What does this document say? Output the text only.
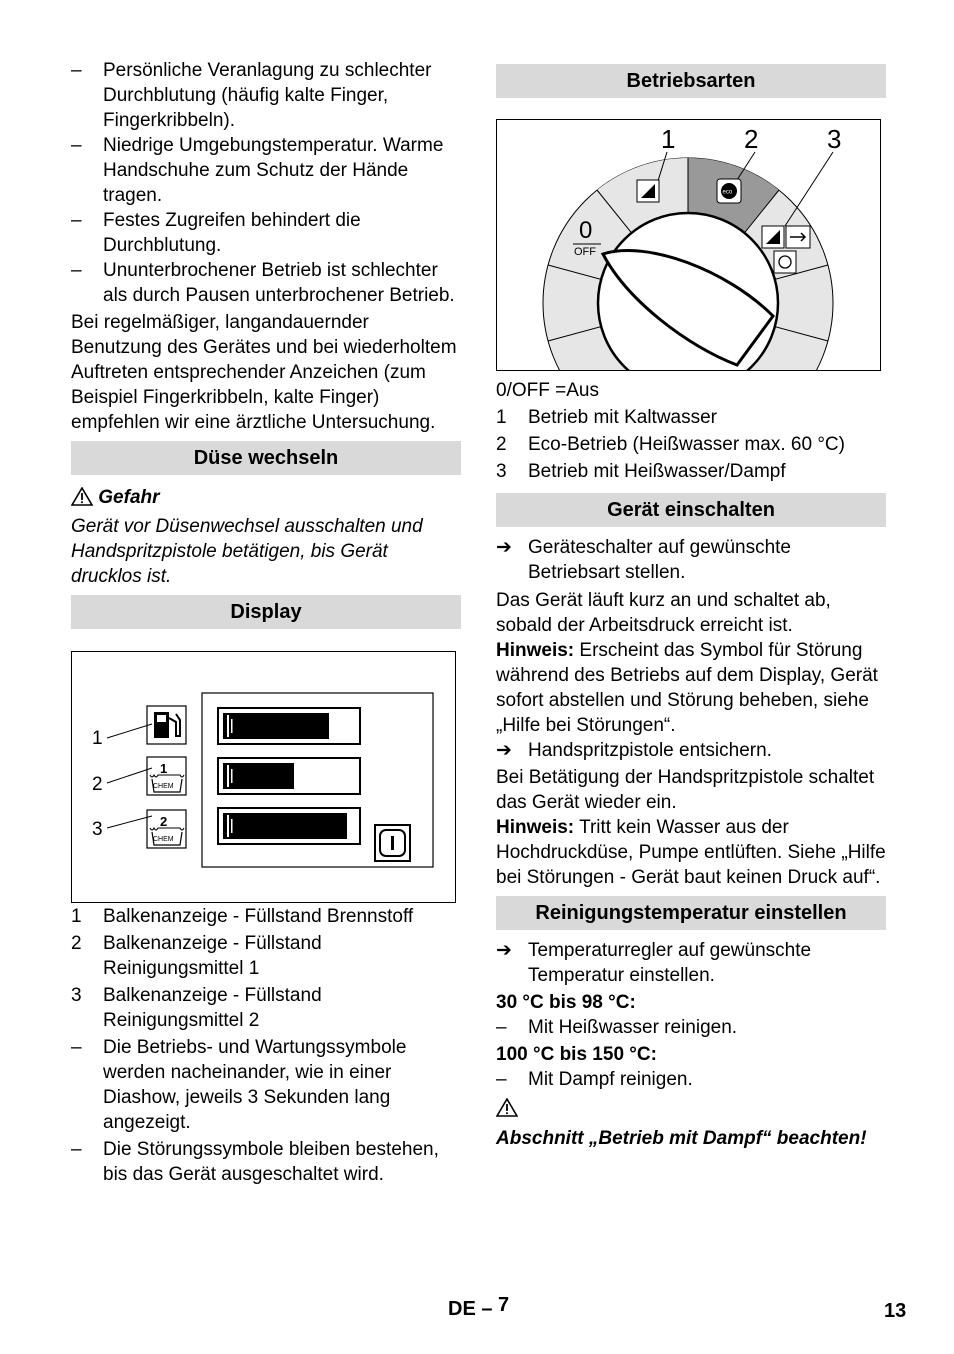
–	Persönliche Veranlagung zu schlechter Durchblutung (häufig kalte Finger, Fingerkribbeln).
–	Niedrige Umgebungstemperatur. Warme Handschuhe zum Schutz der Hände tragen.
–	Festes Zugreifen behindert die Durchblutung.
–	Ununterbrochener Betrieb ist schlechter als durch Pausen unterbrochener Betrieb.

Bei regelmäßiger, langandauernder Benutzung des Gerätes und bei wiederholtem Auftreten entsprechender Anzeichen (zum Beispiel Fingerkribbeln, kalte Finger) empfehlen wir eine ärztliche Untersuchung.

Düse wechseln

Gefahr

Gerät vor Düsenwechsel ausschalten und Handspritzpistole betätigen, bis Gerät drucklos ist.

Display
1
2
3
1
CHEM
2
CHEM
1 Balkenanzeige - Füllstand Brennstoff
2 Balkenanzeige - Füllstand Reinigungsmittel 1
3 Balkenanzeige - Füllstand Reinigungsmittel 2
–	Die Betriebs- und Wartungssymbole werden nacheinander, wie in einer Diashow, jeweils 3 Sekunden lang angezeigt.
–	Die Störungssymbole bleiben bestehen, bis das Gerät ausgeschaltet wird.
Betriebsarten
1	2	3
0
OFF
eco
0/OFF =Aus
1 Betrieb mit Kaltwasser
2 Eco-Betrieb (Heißwasser max. 60 °C)
3 Betrieb mit Heißwasser/Dampf
Gerät einschalten
➔ Geräteschalter auf gewünschte Betriebsart stellen.

Das Gerät läuft kurz an und schaltet ab, sobald der Arbeitsdruck erreicht ist.

Hinweis: Erscheint das Symbol für Störung während des Betriebs auf dem Display, Gerät sofort abstellen und Störung beheben, siehe „Hilfe bei Störungen“.

➔ Handspritzpistole entsichern.

Bei Betätigung der Handspritzpistole schaltet das Gerät wieder ein.

Hinweis: Tritt kein Wasser aus der Hochdruckdüse, Pumpe entlüften. Siehe „Hilfe bei Störungen - Gerät baut keinen Druck auf“.

Reinigungstemperatur einstellen
➔ Temperaturregler auf gewünschte Temperatur einstellen.

30 °C bis 98 °C:

–	Mit Heißwasser reinigen.

100 °C bis 150 °C:

–	Mit Dampf reinigen.

Abschnitt „Betrieb mit Dampf“ beachten!

DE – 7	13
